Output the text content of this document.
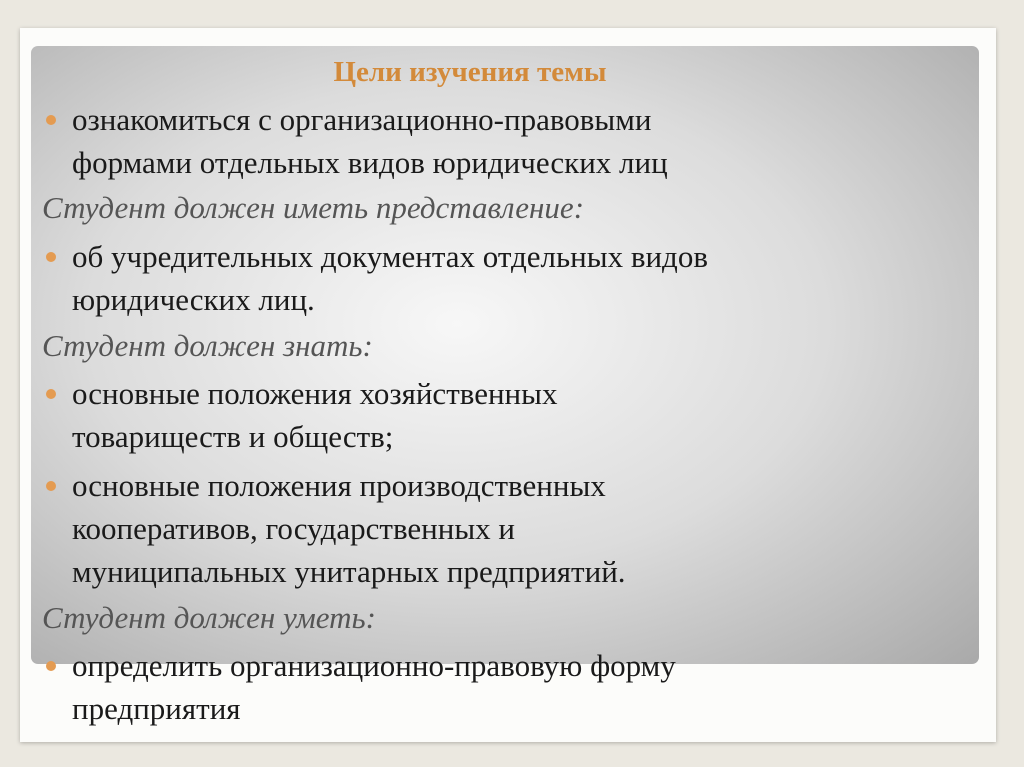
Цели изучения темы
ознакомиться с организационно-правовыми
формами отдельных видов юридических лиц
Студент должен иметь представление:
об учредительных документах отдельных видов
юридических лиц.
Студент должен знать:
основные положения хозяйственных
товариществ и обществ;
основные положения производственных
кооперативов, государственных и
муниципальных унитарных предприятий.
Студент должен уметь:
определить организационно-правовую форму
предприятия
